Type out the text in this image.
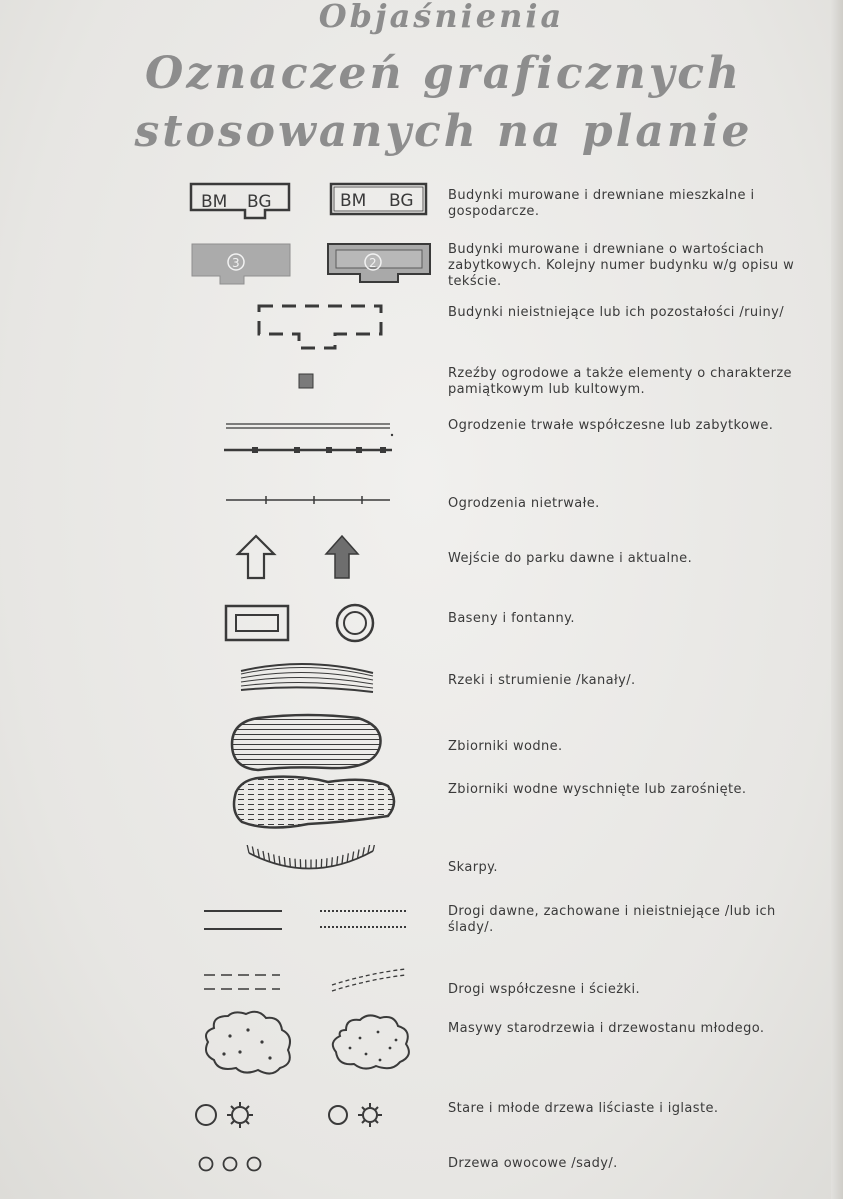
Objaśnienia
Oznaczeń graficznych
stosowanych na planie
BM BG	BM BG
3	2
Budynki murowane i drewniane mieszkalne i gospodarcze.
Budynki murowane i drewniane o wartościach zabytkowych. Kolejny numer budynku w/g opisu w tekście.
Budynki nieistniejące lub ich pozostałości /ruiny/
Rzeźby ogrodowe a także elementy o charakterze pamiątkowym lub kultowym.
Ogrodzenie trwałe współczesne lub zabytkowe.
Ogrodzenia nietrwałe.
Wejście do parku dawne i aktualne.
Baseny i fontanny.
Rzeki i strumienie /kanały/.
Zbiorniki wodne.
Zbiorniki wodne wyschnięte lub zarośnięte.
Skarpy.
Drogi dawne, zachowane i nieistniejące /lub ich ślady/.
Drogi współczesne i ścieżki.
Masywy starodrzewia i drzewostanu młodego.
Stare i młode drzewa liściaste i iglaste.
Drzewa owocowe /sady/.
